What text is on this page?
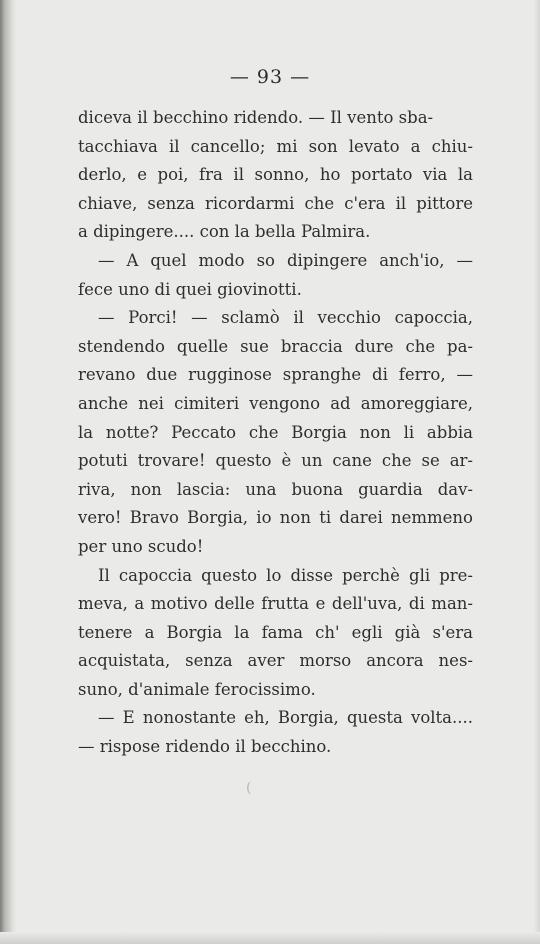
— 93 —
diceva il becchino ridendo. — Il vento sba-
tacchiava il cancello; mi son levato a chiu-
derlo, e poi, fra il sonno, ho portato via la
chiave, senza ricordarmi che c'era il pittore
a dipingere.... con la bella Palmira.
— A quel modo so dipingere anch'io, —
fece uno di quei giovinotti.
— Porci! — sclamò il vecchio capoccia,
stendendo quelle sue braccia dure che pa-
revano due rugginose spranghe di ferro, —
anche nei cimiteri vengono ad amoreggiare,
la notte? Peccato che Borgia non li abbia
potuti trovare! questo è un cane che se ar-
riva, non lascia: una buona guardia dav-
vero! Bravo Borgia, io non ti darei nemmeno
per uno scudo!
Il capoccia questo lo disse perchè gli pre-
meva, a motivo delle frutta e dell'uva, di man-
tenere a Borgia la fama ch' egli già s'era
acquistata, senza aver morso ancora nes-
suno, d'animale ferocissimo.
— E nonostante eh, Borgia, questa volta....
— rispose ridendo il becchino.
(
